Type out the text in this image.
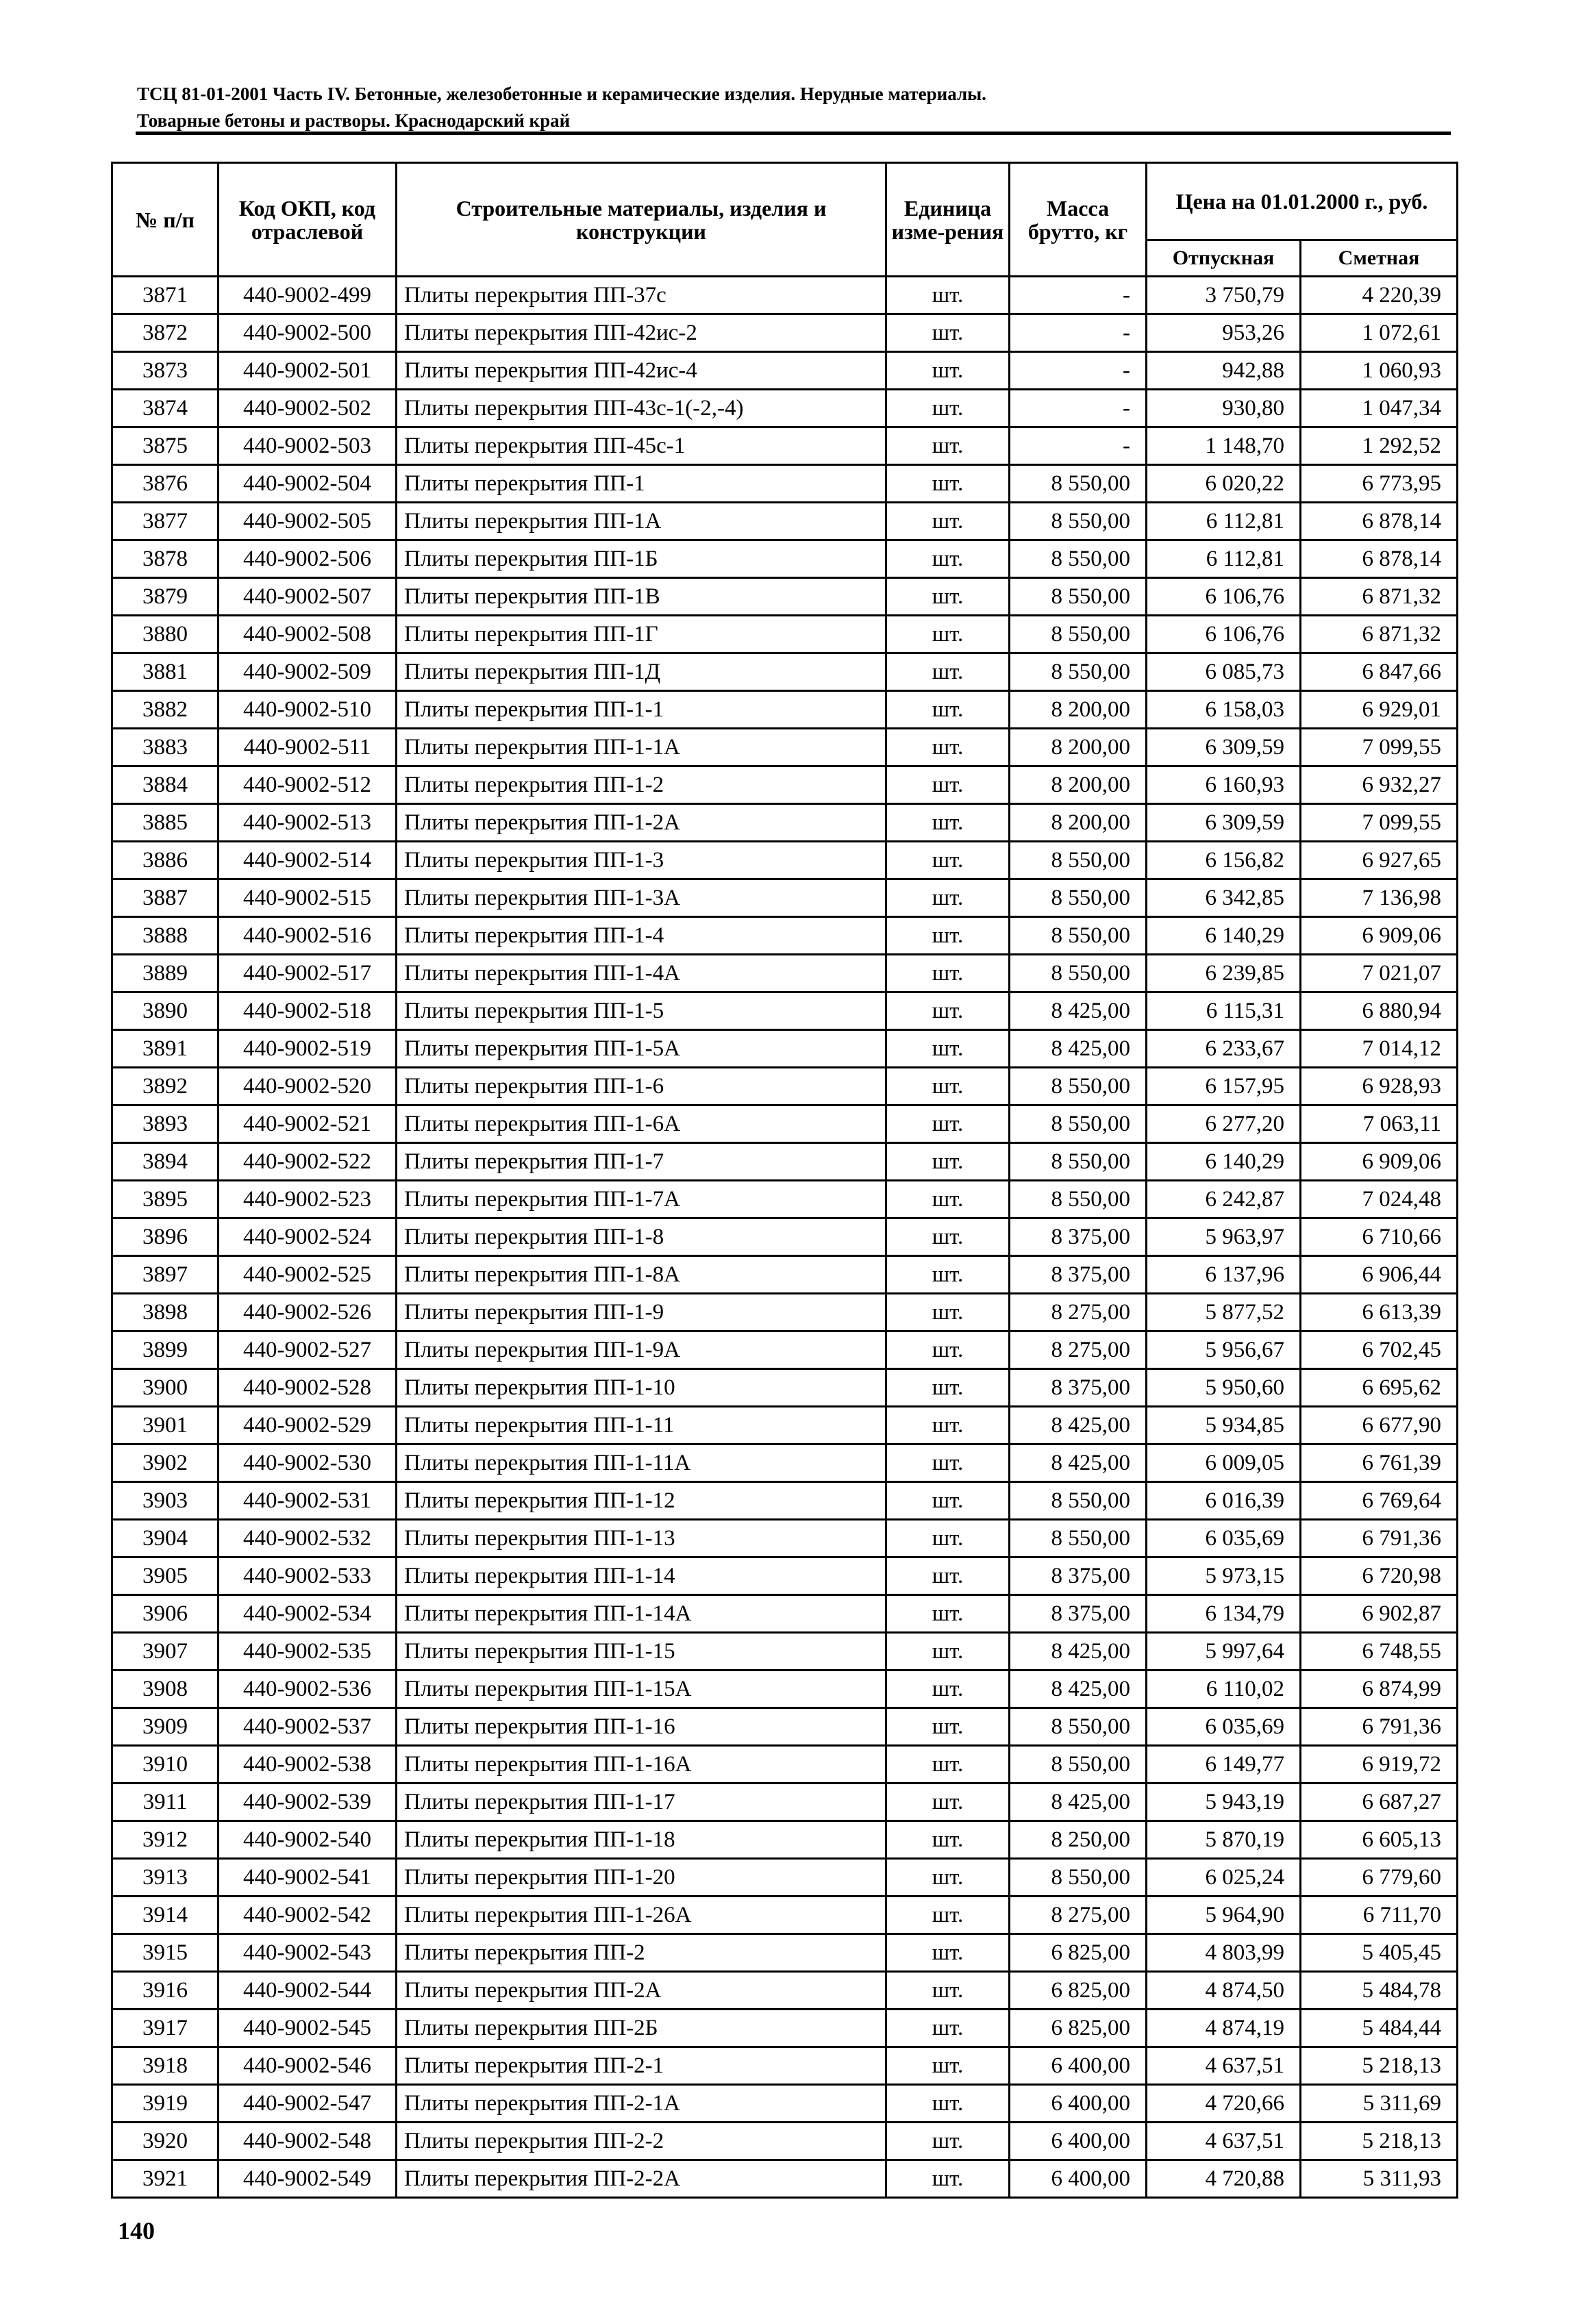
ТСЦ 81-01-2001 Часть IV. Бетонные, железобетонные и керамические изделия. Нерудные материалы.
Товарные бетоны и растворы. Краснодарский край
№ п/п	Код ОКП, код отраслевой	Строительные материалы, изделия и конструкции	Единица изме-рения	Масса брутто, кг	Цена на 01.01.2000 г., руб.	
					Отпускная	Сметная
3871	440-9002-499	Плиты перекрытия ПП-37с	шт.	-	3 750,79	4 220,39
3872	440-9002-500	Плиты перекрытия ПП-42ис-2	шт.	-	953,26	1 072,61
3873	440-9002-501	Плиты перекрытия ПП-42ис-4	шт.	-	942,88	1 060,93
3874	440-9002-502	Плиты перекрытия ПП-43с-1(-2,-4)	шт.	-	930,80	1 047,34
3875	440-9002-503	Плиты перекрытия ПП-45с-1	шт.	-	1 148,70	1 292,52
3876	440-9002-504	Плиты перекрытия ПП-1	шт.	8 550,00	6 020,22	6 773,95
3877	440-9002-505	Плиты перекрытия ПП-1А	шт.	8 550,00	6 112,81	6 878,14
3878	440-9002-506	Плиты перекрытия ПП-1Б	шт.	8 550,00	6 112,81	6 878,14
3879	440-9002-507	Плиты перекрытия ПП-1В	шт.	8 550,00	6 106,76	6 871,32
3880	440-9002-508	Плиты перекрытия ПП-1Г	шт.	8 550,00	6 106,76	6 871,32
3881	440-9002-509	Плиты перекрытия ПП-1Д	шт.	8 550,00	6 085,73	6 847,66
3882	440-9002-510	Плиты перекрытия ПП-1-1	шт.	8 200,00	6 158,03	6 929,01
3883	440-9002-511	Плиты перекрытия ПП-1-1А	шт.	8 200,00	6 309,59	7 099,55
3884	440-9002-512	Плиты перекрытия ПП-1-2	шт.	8 200,00	6 160,93	6 932,27
3885	440-9002-513	Плиты перекрытия ПП-1-2А	шт.	8 200,00	6 309,59	7 099,55
3886	440-9002-514	Плиты перекрытия ПП-1-3	шт.	8 550,00	6 156,82	6 927,65
3887	440-9002-515	Плиты перекрытия ПП-1-3А	шт.	8 550,00	6 342,85	7 136,98
3888	440-9002-516	Плиты перекрытия ПП-1-4	шт.	8 550,00	6 140,29	6 909,06
3889	440-9002-517	Плиты перекрытия ПП-1-4А	шт.	8 550,00	6 239,85	7 021,07
3890	440-9002-518	Плиты перекрытия ПП-1-5	шт.	8 425,00	6 115,31	6 880,94
3891	440-9002-519	Плиты перекрытия ПП-1-5А	шт.	8 425,00	6 233,67	7 014,12
3892	440-9002-520	Плиты перекрытия ПП-1-6	шт.	8 550,00	6 157,95	6 928,93
3893	440-9002-521	Плиты перекрытия ПП-1-6А	шт.	8 550,00	6 277,20	7 063,11
3894	440-9002-522	Плиты перекрытия ПП-1-7	шт.	8 550,00	6 140,29	6 909,06
3895	440-9002-523	Плиты перекрытия ПП-1-7А	шт.	8 550,00	6 242,87	7 024,48
3896	440-9002-524	Плиты перекрытия ПП-1-8	шт.	8 375,00	5 963,97	6 710,66
3897	440-9002-525	Плиты перекрытия ПП-1-8А	шт.	8 375,00	6 137,96	6 906,44
3898	440-9002-526	Плиты перекрытия ПП-1-9	шт.	8 275,00	5 877,52	6 613,39
3899	440-9002-527	Плиты перекрытия ПП-1-9А	шт.	8 275,00	5 956,67	6 702,45
3900	440-9002-528	Плиты перекрытия ПП-1-10	шт.	8 375,00	5 950,60	6 695,62
3901	440-9002-529	Плиты перекрытия ПП-1-11	шт.	8 425,00	5 934,85	6 677,90
3902	440-9002-530	Плиты перекрытия ПП-1-11А	шт.	8 425,00	6 009,05	6 761,39
3903	440-9002-531	Плиты перекрытия ПП-1-12	шт.	8 550,00	6 016,39	6 769,64
3904	440-9002-532	Плиты перекрытия ПП-1-13	шт.	8 550,00	6 035,69	6 791,36
3905	440-9002-533	Плиты перекрытия ПП-1-14	шт.	8 375,00	5 973,15	6 720,98
3906	440-9002-534	Плиты перекрытия ПП-1-14А	шт.	8 375,00	6 134,79	6 902,87
3907	440-9002-535	Плиты перекрытия ПП-1-15	шт.	8 425,00	5 997,64	6 748,55
3908	440-9002-536	Плиты перекрытия ПП-1-15А	шт.	8 425,00	6 110,02	6 874,99
3909	440-9002-537	Плиты перекрытия ПП-1-16	шт.	8 550,00	6 035,69	6 791,36
3910	440-9002-538	Плиты перекрытия ПП-1-16А	шт.	8 550,00	6 149,77	6 919,72
3911	440-9002-539	Плиты перекрытия ПП-1-17	шт.	8 425,00	5 943,19	6 687,27
3912	440-9002-540	Плиты перекрытия ПП-1-18	шт.	8 250,00	5 870,19	6 605,13
3913	440-9002-541	Плиты перекрытия ПП-1-20	шт.	8 550,00	6 025,24	6 779,60
3914	440-9002-542	Плиты перекрытия ПП-1-26А	шт.	8 275,00	5 964,90	6 711,70
3915	440-9002-543	Плиты перекрытия ПП-2	шт.	6 825,00	4 803,99	5 405,45
3916	440-9002-544	Плиты перекрытия ПП-2А	шт.	6 825,00	4 874,50	5 484,78
3917	440-9002-545	Плиты перекрытия ПП-2Б	шт.	6 825,00	4 874,19	5 484,44
3918	440-9002-546	Плиты перекрытия ПП-2-1	шт.	6 400,00	4 637,51	5 218,13
3919	440-9002-547	Плиты перекрытия ПП-2-1А	шт.	6 400,00	4 720,66	5 311,69
3920	440-9002-548	Плиты перекрытия ПП-2-2	шт.	6 400,00	4 637,51	5 218,13
3921	440-9002-549	Плиты перекрытия ПП-2-2А	шт.	6 400,00	4 720,88	5 311,93
140
